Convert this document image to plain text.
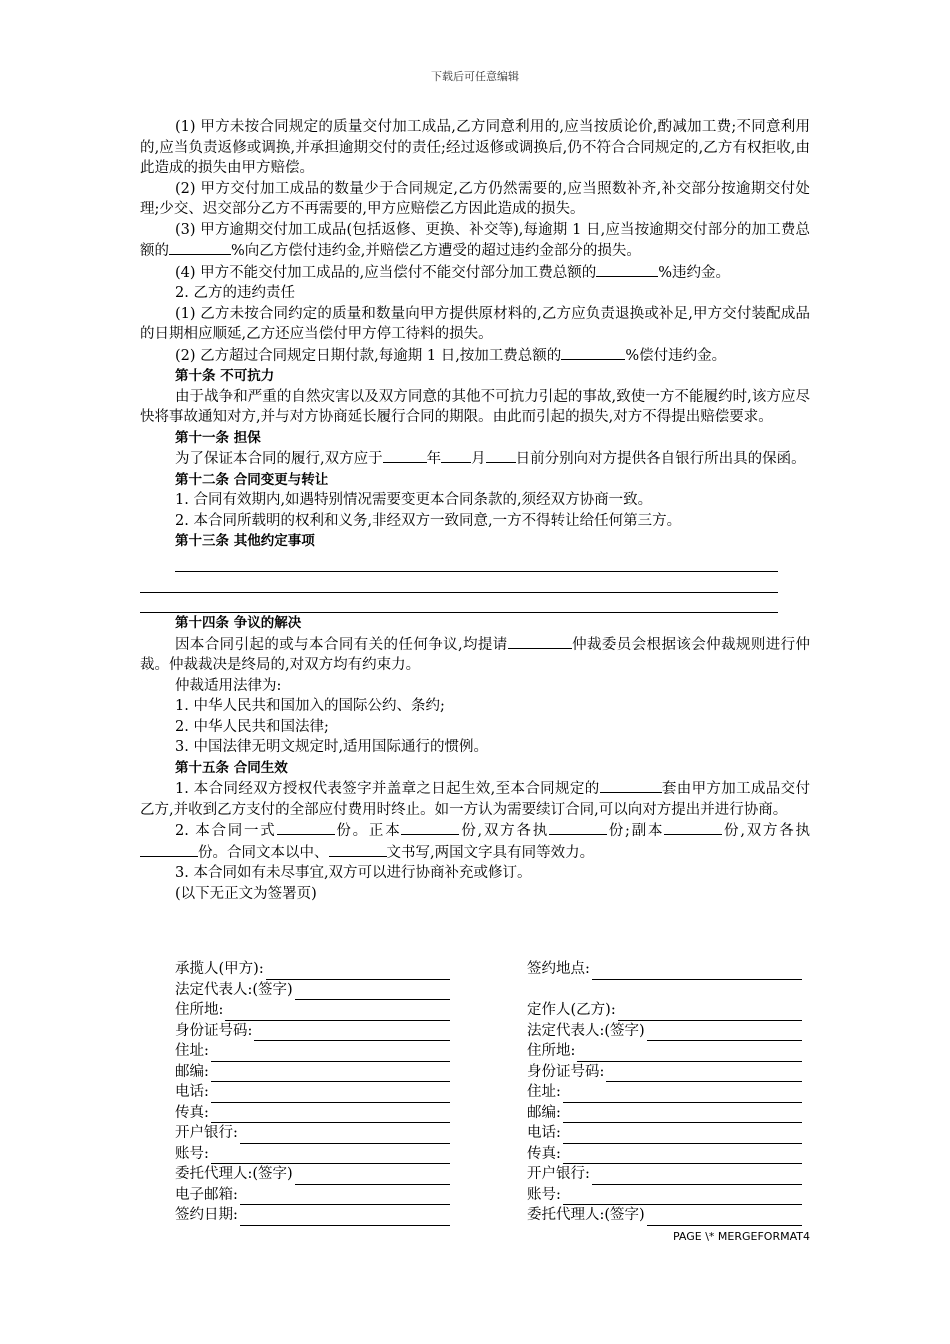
下载后可任意编辑

(1) 甲方未按合同规定的质量交付加工成品,乙方同意利用的,应当按质论价,酌减加工费;不同意利用的,应当负责返修或调换,并承担逾期交付的责任;经过返修或调换后,仍不符合合同规定的,乙方有权拒收,由此造成的损失由甲方赔偿。

(2) 甲方交付加工成品的数量少于合同规定,乙方仍然需要的,应当照数补齐,补交部分按逾期交付处理;少交、迟交部分乙方不再需要的,甲方应赔偿乙方因此造成的损失。

(3) 甲方逾期交付加工成品(包括返修、更换、补交等),每逾期 1 日,应当按逾期交付部分的加工费总额的	%向乙方偿付违约金,并赔偿乙方遭受的超过违约金部分的损失。

(4) 甲方不能交付加工成品的,应当偿付不能交付部分加工费总额的	%违约金。

2. 乙方的违约责任

(1) 乙方未按合同约定的质量和数量向甲方提供原材料的,乙方应负责退换或补足,甲方交付装配成品的日期相应顺延,乙方还应当偿付甲方停工待料的损失。

(2) 乙方超过合同规定日期付款,每逾期 1 日,按加工费总额的	%偿付违约金。

第十条 不可抗力

由于战争和严重的自然灾害以及双方同意的其他不可抗力引起的事故,致使一方不能履约时,该方应尽快将事故通知对方,并与对方协商延长履行合同的期限。由此而引起的损失,对方不得提出赔偿要求。

第十一条 担保

为了保证本合同的履行,双方应于	年 月 日前分别向对方提供各自银行所出具的保函。

第十二条 合同变更与转让

1. 合同有效期内,如遇特别情况需要变更本合同条款的,须经双方协商一致。

2. 本合同所载明的权利和义务,非经双方一致同意,一方不得转让给任何第三方。

第十三条 其他约定事项

第十四条 争议的解决

因本合同引起的或与本合同有关的任何争议,均提请	仲裁委员会根据该会仲裁规则进行仲裁。仲裁裁决是终局的,对双方均有约束力。

仲裁适用法律为:

1. 中华人民共和国加入的国际公约、条约;

2. 中华人民共和国法律;

3. 中国法律无明文规定时,适用国际通行的惯例。

第十五条 合同生效

1. 本合同经双方授权代表签字并盖章之日起生效,至本合同规定的	套由甲方加工成品交付乙方,并收到乙方支付的全部应付费用时终止。如一方认为需要续订合同,可以向对方提出并进行协商。

2. 本合同一式	份。正本	份,双方各执	份;副本	份,双方各执份。合同文本以中、	文书写,两国文字具有同等效力。

3. 本合同如有未尽事宜,双方可以进行协商补充或修订。

(以下无正文为签署页)

承揽人(甲方):
法定代表人:(签字)
住所地:
身份证号码:
住址:
邮编:
电话:
传真:
开户银行:
账号:
委托代理人:(签字)
电子邮箱:
签约日期:
签约地点:
定作人(乙方):
法定代表人:(签字)
住所地:
身份证号码:
住址:
邮编:
电话:
传真:
开户银行:
账号:
委托代理人:(签字)
PAGE \* MERGEFORMAT4
